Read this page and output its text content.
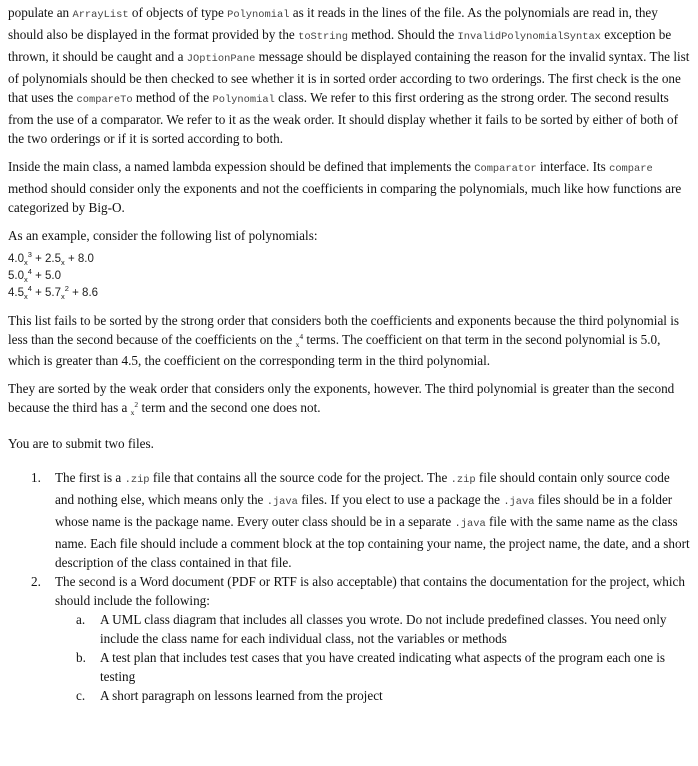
populate an ArrayList of objects of type Polynomial as it reads in the lines of the file. As the polynomials are read in, they should also be displayed in the format provided by the toString method. Should the InvalidPolynomialSyntax exception be thrown, it should be caught and a JOptionPane message should be displayed containing the reason for the invalid syntax. The list of polynomials should be then checked to see whether it is in sorted order according to two orderings. The first check is the one that uses the compareTo method of the Polynomial class. We refer to this first ordering as the strong order. The second results from the use of a comparator. We refer to it as the weak order. It should display whether it fails to be sorted by either of both of the two orderings or if it is sorted according to both.

Inside the main class, a named lambda expession should be defined that implements the Comparator interface. Its compare method should consider only the exponents and not the coefficients in comparing the polynomials, much like how functions are categorized by Big-O.

As an example, consider the following list of polynomials:

$4.0_x^3 + 2.5_x + 8.0$
$5.0_x^4 + 5.0$
$4.5_x^4 + 5.7_x^2 + 8.6$

This list fails to be sorted by the strong order that considers both the coefficients and exponents because the third polynomial is less than the second because of the coefficients on the $_x^4$ terms. The coefficient on that term in the second polynomial is 5.0, which is greater than 4.5, the coefficient on the corresponding term in the third polynomial.

They are sorted by the weak order that considers only the exponents, however. The third polynomial is greater than the second because the third has a $_x^2$ term and the second one does not.

You are to submit two files.

1. The first is a .zip file that contains all the source code for the project. The .zip file should contain only source code and nothing else, which means only the .java files. If you elect to use a package the .java files should be in a folder whose name is the package name. Every outer class should be in a separate .java file with the same name as the class name. Each file should include a comment block at the top containing your name, the project name, the date, and a short description of the class contained in that file.
2. The second is a Word document (PDF or RTF is also acceptable) that contains the documentation for the project, which should include the following:
a. A UML class diagram that includes all classes you wrote. Do not include predefined classes. You need only include the class name for each individual class, not the variables or methods
b. A test plan that includes test cases that you have created indicating what aspects of the program each one is testing
c. A short paragraph on lessons learned from the project
